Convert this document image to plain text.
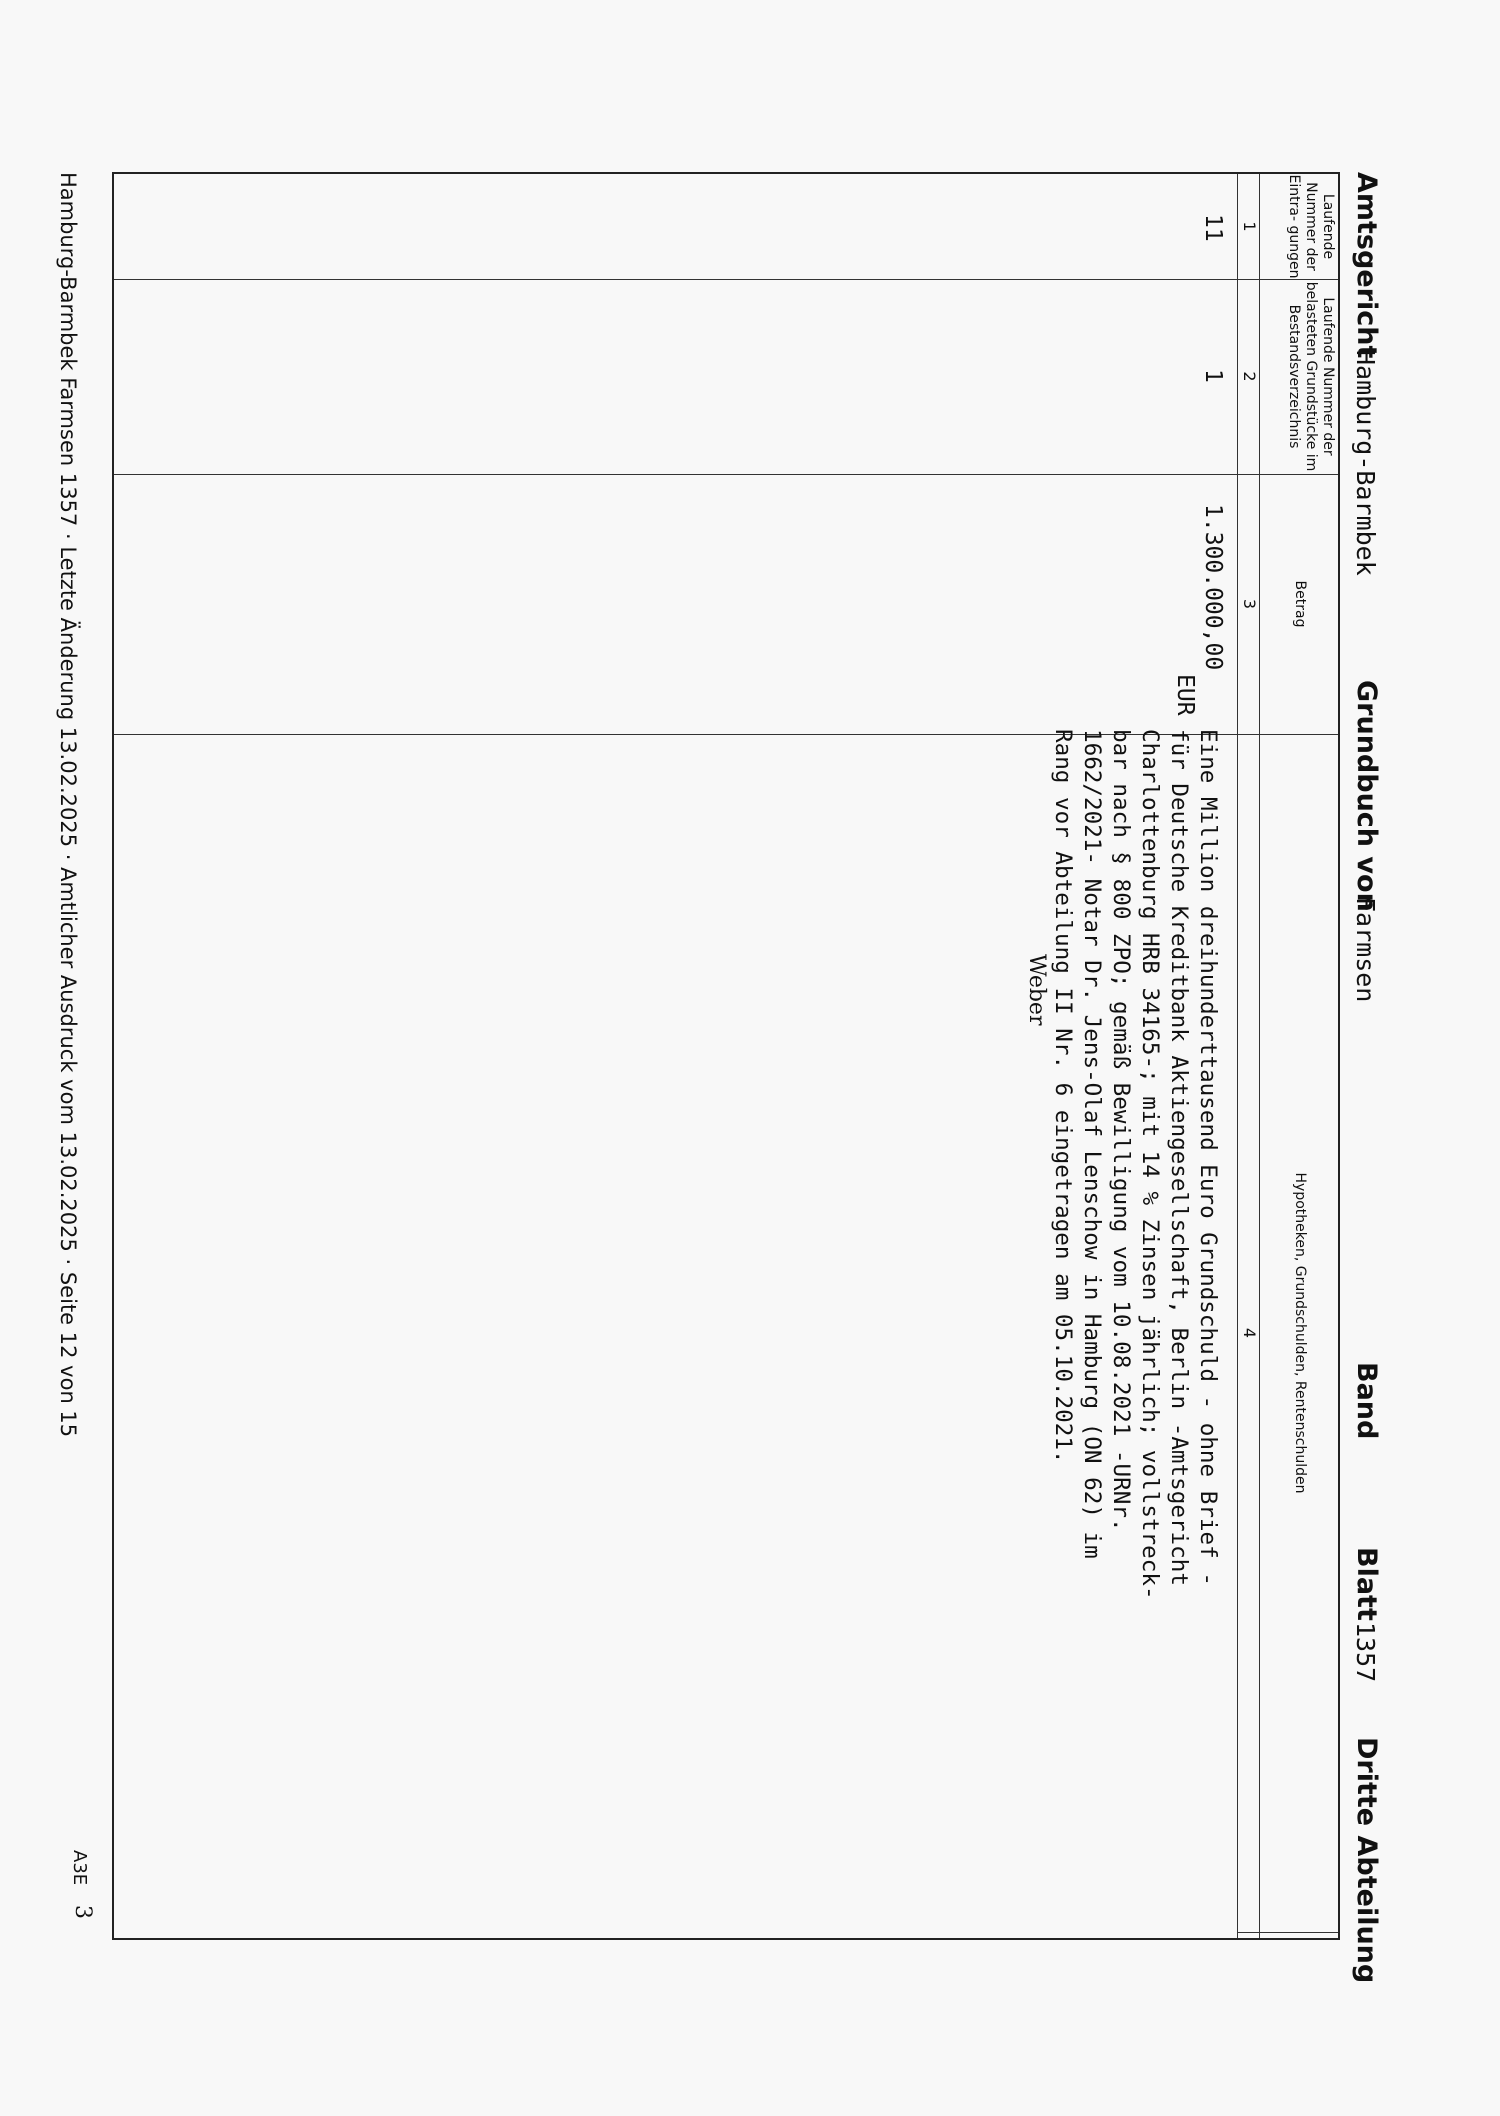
Amtsgericht
Hamburg-Barmbek
Grundbuch von
Farmsen
Band
Blatt
1357
Dritte Abteilung
Laufende Nummer der Eintra- gungen
Laufende Nummer der belasteten Grundstücke im Bestandsverzeichnis
Betrag
Hypotheken, Grundschulden, Rentenschulden
1
2
3
4
11
1
1.300.000,00
EUR
Eine Million dreihunderttausend Euro Grundschuld - ohne Brief -
für Deutsche Kreditbank Aktiengesellschaft, Berlin -Amtsgericht
Charlottenburg HRB 34165-; mit 14 % Zinsen jährlich; vollstreck-
bar nach § 800 ZPO; gemäß Bewilligung vom 10.08.2021 -URNr.
1662/2021- Notar Dr. Jens-Olaf Lenschow in Hamburg (ON 62) im
Rang vor Abteilung II Nr. 6 eingetragen am 05.10.2021.
Weber
Hamburg-Barmbek Farmsen 1357 · Letzte Änderung 13.02.2025 · Amtlicher Ausdruck vom 13.02.2025 · Seite 12 von 15
A3E
3
